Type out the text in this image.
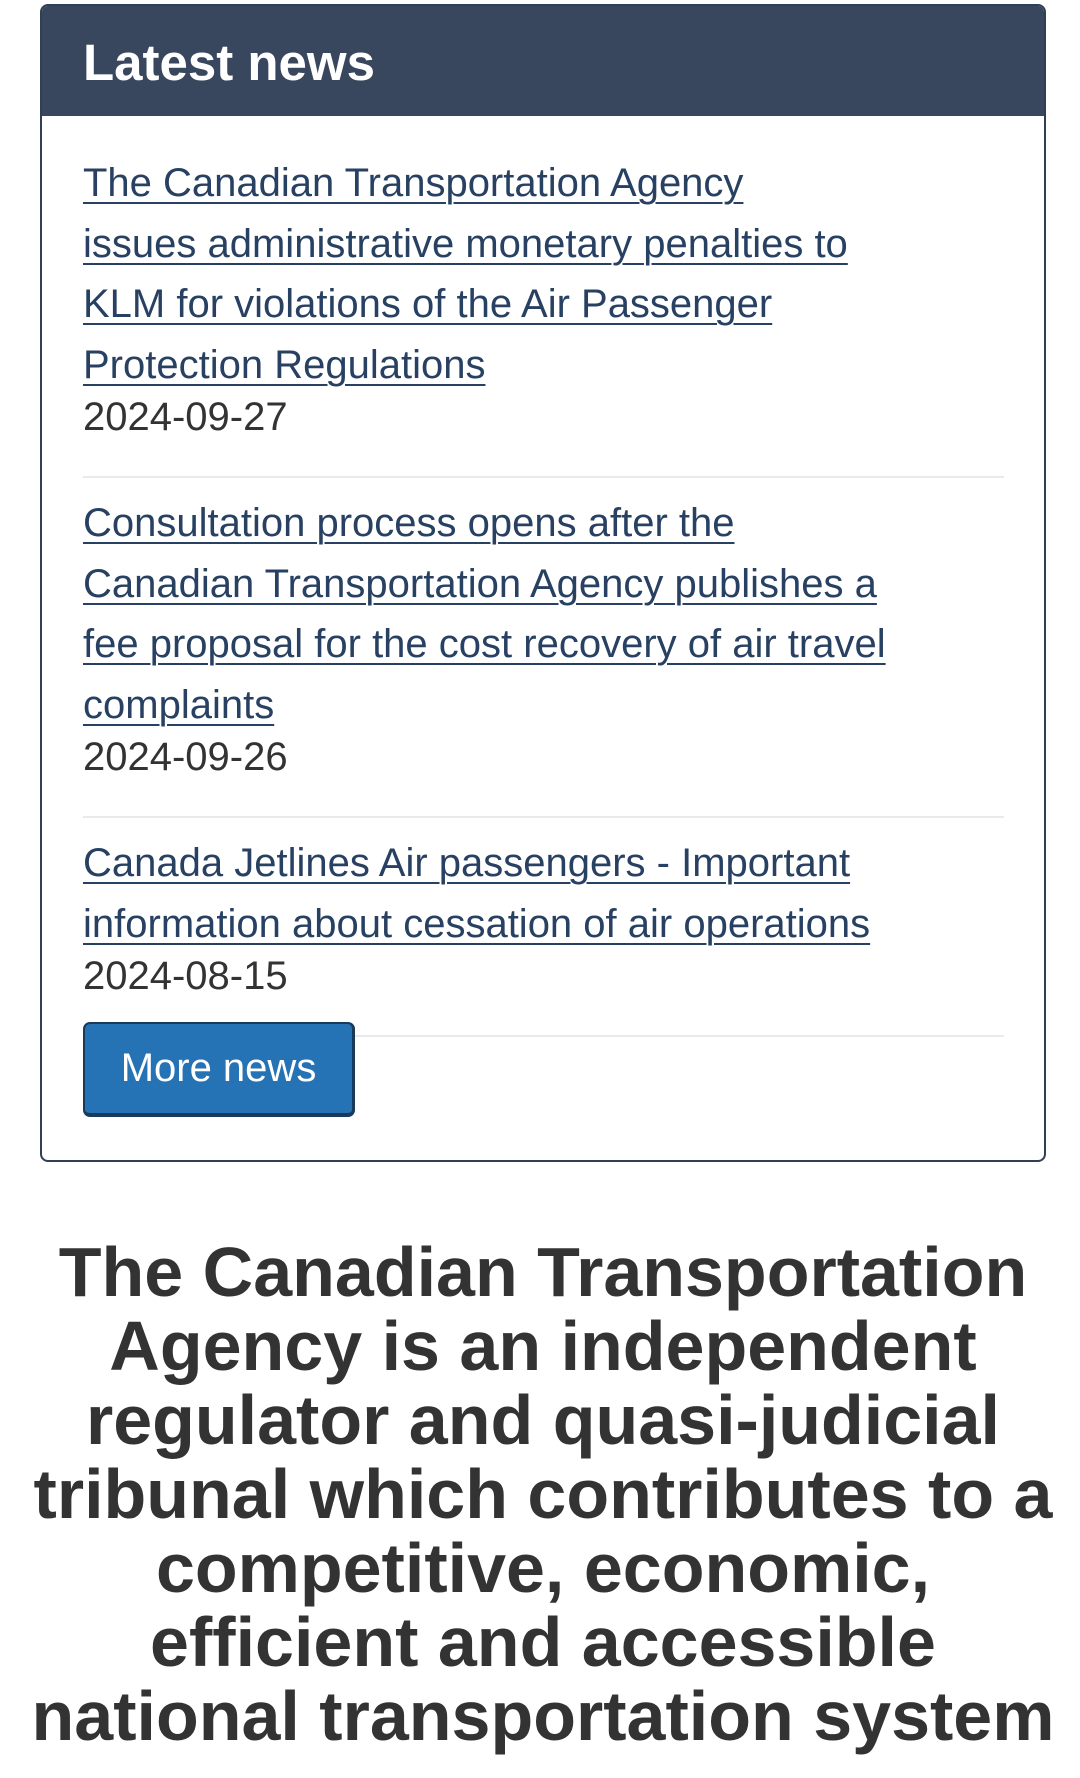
Latest news
The Canadian Transportation Agency issues administrative monetary penalties to KLM for violations of the Air Passenger Protection Regulations
2024-09-27
Consultation process opens after the Canadian Transportation Agency publishes a fee proposal for the cost recovery of air travel complaints
2024-09-26
Canada Jetlines Air passengers - Important information about cessation of air operations
2024-08-15
More news
The Canadian Transportation Agency is an independent regulator and quasi-judicial tribunal which contributes to a competitive, economic, efficient and accessible national transportation system
